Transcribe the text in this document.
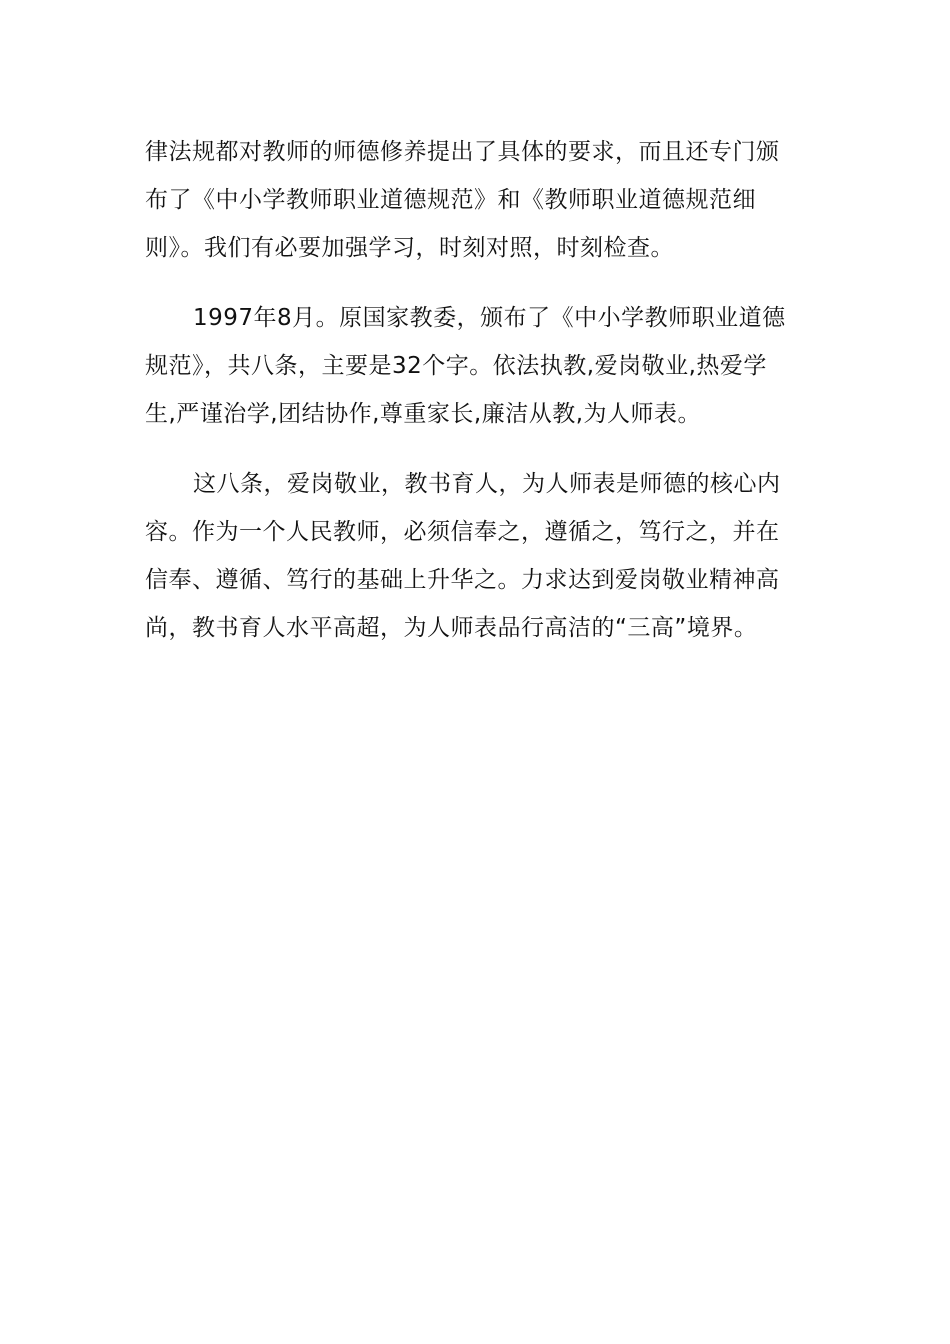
律法规都对教师的师德修养提出了具体的要求，而且还专门颁
布了《中小学教师职业道德规范》和《教师职业道德规范细
则》。我们有必要加强学习，时刻对照，时刻检查。

1997年8月。原国家教委，颁布了《中小学教师职业道德
规范》，共八条，主要是32个字。依法执教,爱岗敬业,热爱学
生,严谨治学,团结协作,尊重家长,廉洁从教,为人师表。

这八条，爱岗敬业，教书育人，为人师表是师德的核心内
容。作为一个人民教师，必须信奉之，遵循之，笃行之，并在
信奉、遵循、笃行的基础上升华之。力求达到爱岗敬业精神高
尚，教书育人水平高超，为人师表品行高洁的“三高”境界。
